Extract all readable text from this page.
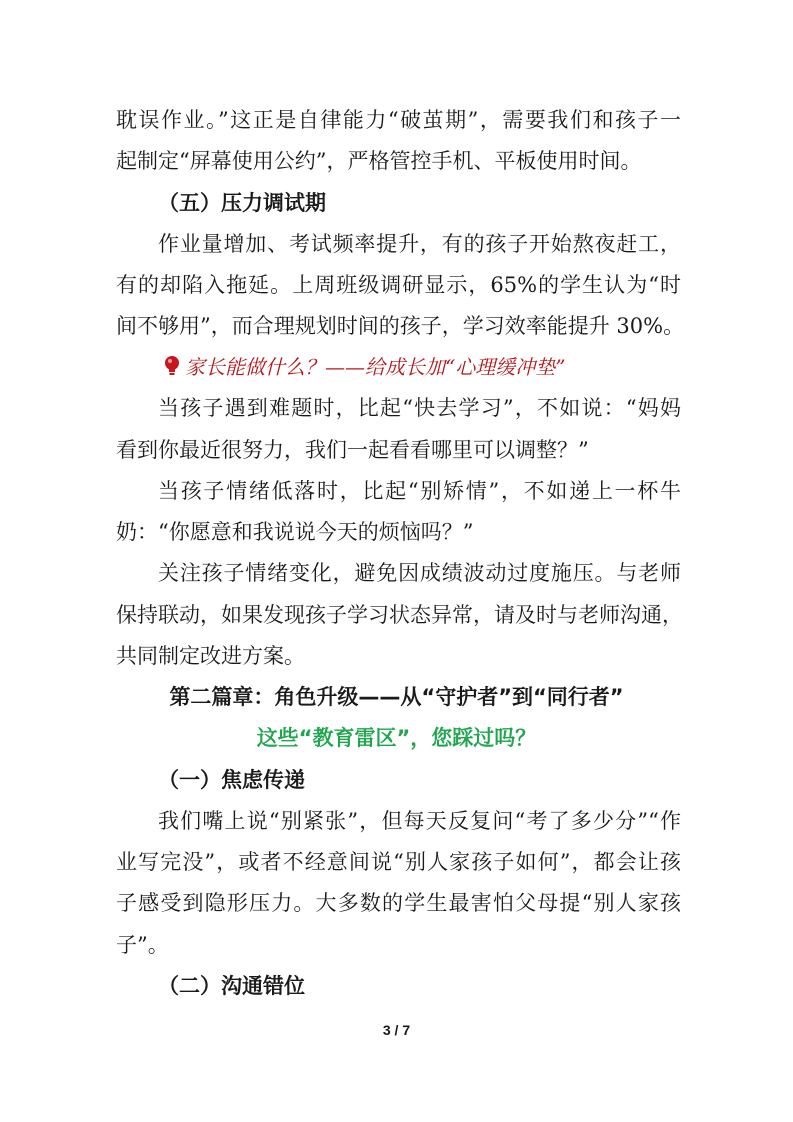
耽误作业。”这正是自律能力“破茧期”，需要我们和孩子一
起制定“屏幕使用公约”，严格管控手机、平板使用时间。
（五）压力调试期
作业量增加、考试频率提升，有的孩子开始熬夜赶工，
有的却陷入拖延。上周班级调研显示，65%的学生认为“时
间不够用”，而合理规划时间的孩子，学习效率能提升 30%。
家长能做什么？——给成长加“心理缓冲垫”
当孩子遇到难题时，比起“快去学习”，不如说：“妈妈
看到你最近很努力，我们一起看看哪里可以调整？”
当孩子情绪低落时，比起“别矫情”，不如递上一杯牛
奶：“你愿意和我说说今天的烦恼吗？”
关注孩子情绪变化，避免因成绩波动过度施压。与老师
保持联动，如果发现孩子学习状态异常，请及时与老师沟通，
共同制定改进方案。
第二篇章：角色升级——从“守护者”到“同行者”
这些“教育雷区”，您踩过吗？
（一）焦虑传递
我们嘴上说“别紧张”，但每天反复问“考了多少分”“作
业写完没”，或者不经意间说“别人家孩子如何”，都会让孩
子感受到隐形压力。大多数的学生最害怕父母提“别人家孩
子”。
（二）沟通错位
3 / 7
